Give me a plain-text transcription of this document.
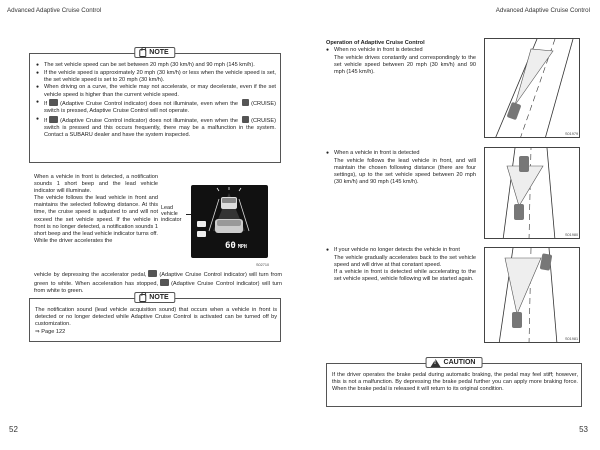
Advanced Adaptive Cruise Control	Advanced Adaptive Cruise Control
NOTE
● The set vehicle speed can be set between 20 mph (30 km/h) and 90 mph (145 km/h).
● If the vehicle speed is approximately 20 mph (30 km/h) or less when the vehicle speed is set, the set vehicle speed is set to 20 mph (30 km/h).
● When driving on a curve, the vehicle may not accelerate, or may decelerate, even if the set vehicle speed is higher than the current vehicle speed.
● If (Adaptive Cruise Control indicator) does not illuminate, even when the (CRUISE) switch is pressed, Adaptive Cruise Control will not operate.
● If (Adaptive Cruise Control indicator) does not illuminate, even when the (CRUISE) switch is pressed and this occurs frequently, there may be a malfunction in the system. Contact a SUBARU dealer and have the system inspected.

When a vehicle in front is detected, a notification sounds 1 short beep and the lead vehicle indicator will illuminate.

The vehicle follows the lead vehicle in front and maintains the selected following distance. At this time, the cruise speed is adjusted to and will not exceed the set vehicle speed. If the vehicle in front is no longer detected, a notification sounds 1 short beep and the lead vehicle indicator turns off. While the driver accelerates the

vehicle by depressing the accelerator pedal, (Adaptive Cruise Control indicator) will turn from green to white. When acceleration has stopped, (Adaptive Cruise Control indicator) will turn from white to green.
Lead vehicle indicator
60 MPH
S02710
NOTE

The notification sound (lead vehicle acquisition sound) that occurs when a vehicle in front is detected or no longer detected while Adaptive Cruise Control is activated can be turned off by customization.

⇒ Page 122

Operation of Adaptive Cruise Control

● When no vehicle in front is detected

The vehicle drives constantly and correspondingly to the set vehicle speed between 20 mph (30 km/h) and 90 mph (145 km/h).

● When a vehicle in front is detected

The vehicle follows the lead vehicle in front, and will maintain the chosen following distance (there are four settings), up to the set vehicle speed between 20 mph (30 km/h) and 90 mph (145 km/h).

● If your vehicle no longer detects the vehicle in front

The vehicle gradually accelerates back to the set vehicle speed and will drive at that constant speed.

If a vehicle in front is detected while accelerating to the set vehicle speed, vehicle following will be started again.

S01979
S01980
S01981
!
CAUTION

If the driver operates the brake pedal during automatic braking, the pedal may feel stiff; however, this is not a malfunction. By depressing the brake pedal further you can apply more braking force. When the brake pedal is released it will return to its original condition.

52	53
